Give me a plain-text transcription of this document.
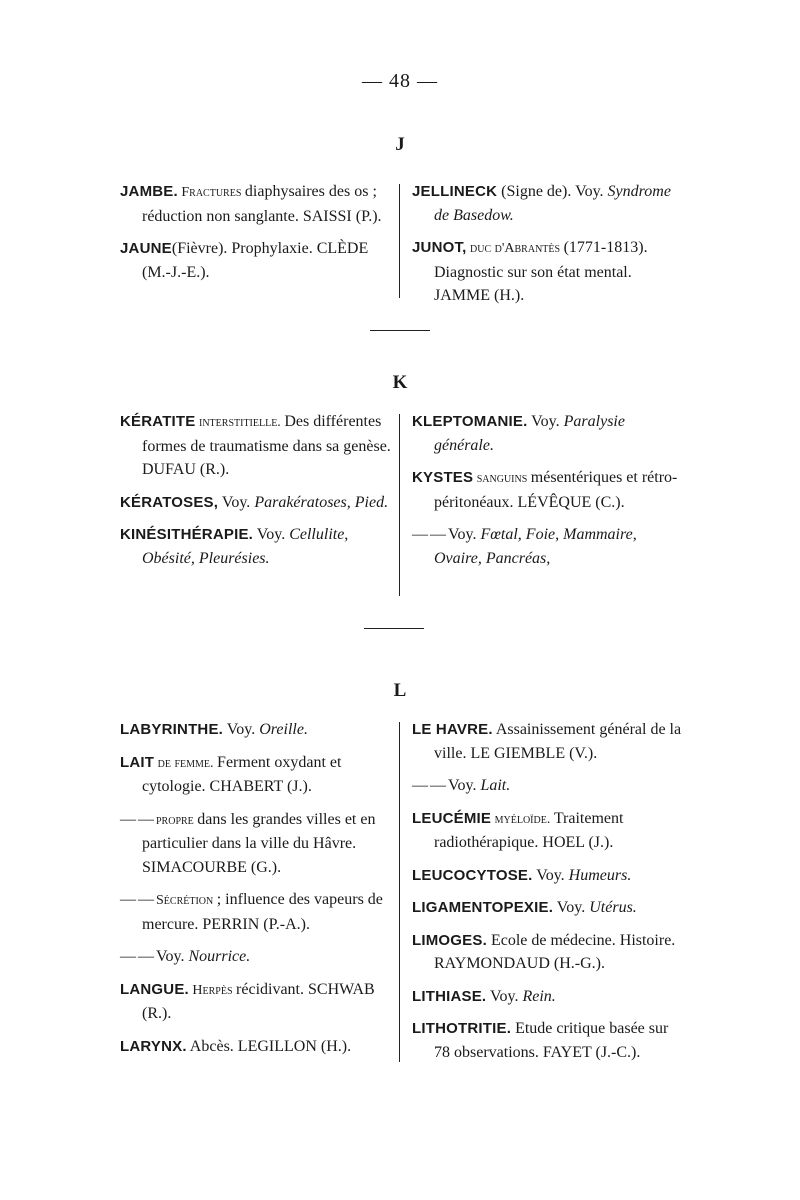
— 48 —
J
JAMBE. Fractures diaphysaires des os ; réduction non sanglante. SAISSI (P.).
JAUNE(Fièvre). Prophylaxie. CLÈDE (M.-J.-E.).
JELLINECK (Signe de). Voy. Syndrome de Basedow.
JUNOT, duc d'Abrantès (1771-1813). Diagnostic sur son état mental. JAMME (H.).
K
KÉRATITE interstitielle. Des différentes formes de traumatisme dans sa genèse. DUFAU (R.).
KÉRATOSES, Voy. Parakératoses, Pied.
KINÉSITHÉRAPIE. Voy. Cellulite, Obésité, Pleurésies.
KLEPTOMANIE. Voy. Paralysie générale.
KYSTES sanguins mésentériques et rétro-péritonéaux. LÉVÊQUE (C.).
— — Voy. Fœtal, Foie, Mammaire, Ovaire, Pancréas,
L
LABYRINTHE. Voy. Oreille.
LAIT de femme. Ferment oxydant et cytologie. CHABERT (J.).
— — propre dans les grandes villes et en particulier dans la ville du Hâvre. SIMACOURBE (G.).
— — Sécrétion ; influence des vapeurs de mercure. PERRIN (P.-A.).
— — Voy. Nourrice.
LANGUE. Herpès récidivant. SCHWAB (R.).
LARYNX. Abcès. LEGILLON (H.).
LE HAVRE. Assainissement général de la ville. LE GIEMBLE (V.).
— — Voy. Lait.
LEUCÉMIE myéloïde. Traitement radiothérapique. HOEL (J.).
LEUCOCYTOSE. Voy. Humeurs.
LIGAMENTOPEXIE. Voy. Utérus.
LIMOGES. Ecole de médecine. Histoire. RAYMONDAUD (H.-G.).
LITHIASE. Voy. Rein.
LITHOTRITIE. Etude critique basée sur 78 observations. FAYET (J.-C.).
